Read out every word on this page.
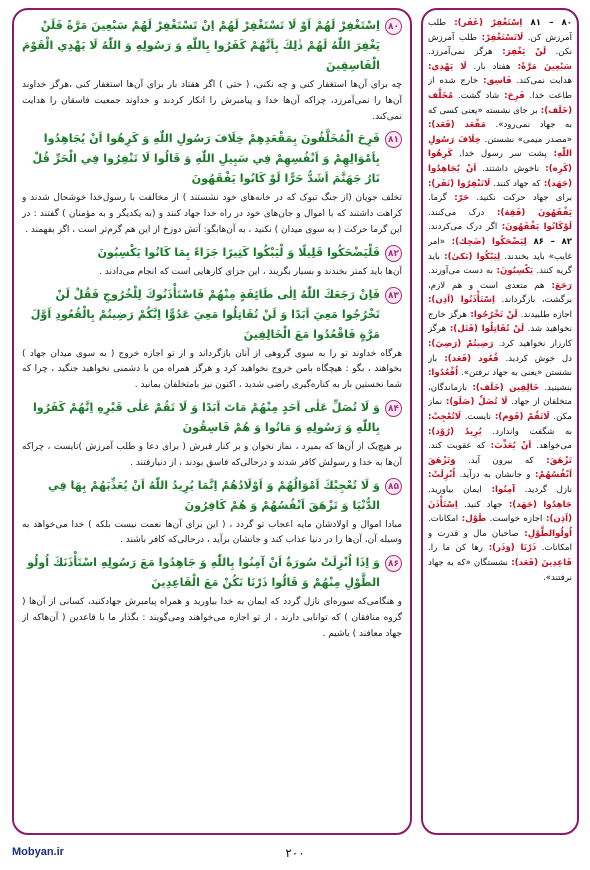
۸۰
اِسْتَغْفِرْ لَهُمْ اَوْ لَا تَسْتَغْفِرْ لَهُمْ اِنْ تَسْتَغْفِرْ لَهُمْ سَبْعِينَ مَرَّةً فَلَنْ يَغْفِرَ اللّٰهُ لَهُمْ ذٰلِكَ بِاَنَّهُمْ كَفَرُوا بِاللّٰهِ وَ رَسُولِهِ وَ اللّٰهُ لَا يَهْدِي الْقَوْمَ الْفَاسِقِينَ
چه برای آن‌ها استغفار کنی و چه نکنی، ( حتی ) اگر هفتاد بار برای آن‌ها استغفار کنی ،هرگز خداوند آن‌ها را نمی‌آمرزد، چراکه آن‌ها خدا و پیامبرش را انکار کردند و خداوند جمعیت فاسقان را هدایت نمی‌کند.
۸۱
فَرِحَ الْمُخَلَّفُونَ بِمَقْعَدِهِمْ خِلَافَ رَسُولِ اللّٰهِ وَ كَرِهُوا اَنْ يُجَاهِدُوا بِاَمْوَالِهِمْ وَ اَنْفُسِهِمْ فِي سَبِيلِ اللّٰهِ وَ قَالُوا لَا تَنْفِرُوا فِي الْحَرِّ قُلْ نَارُ جَهَنَّمَ اَشَدُّ حَرًّا لَوْ كَانُوا يَفْقَهُونَ
تخلف جویان (از جنگ تبوک که در خانه‌های خود نشستند ) از مخالفت با رسول‌خدا خوشحال شدند و کراهت داشتند که با اموال و جان‌های خود در راه خدا جهاد کنند و (به یکدیگر و به مؤمنان ) گفتند : در این گرما حرکت ( به سوی میدان ) نکنید ، به آن‌هابگو: آتش دوزخ از این هم گرم‌تر است ، اگر بفهمند .
۸۲
فَلْيَضْحَكُوا قَلِيلًا وَ لْيَبْكُوا كَثِيرًا جَزَاءً بِمَا كَانُوا يَكْسِبُونَ
آن‌ها باید کمتر بخندند و بسیار بگریند ، این جزای کارهایی است که انجام می‌دادند .
۸۳
فَاِنْ رَجَعَكَ اللّٰهُ اِلٰى طَائِفَةٍ مِنْهُمْ فَاسْتَأْذَنُوكَ لِلْخُرُوجِ فَقُلْ لَنْ تَخْرُجُوا مَعِيَ اَبَدًا وَ لَنْ تُقَاتِلُوا مَعِيَ عَدُوًّا اِنَّكُمْ رَضِيتُمْ بِالْقُعُودِ اَوَّلَ مَرَّةٍ فَاقْعُدُوا مَعَ الْخَالِفِينَ
هرگاه خداوند تو را به سوی گروهی از آنان بازگرداند و از تو اجازه خروج ( به سوی میدان جهاد ) بخواهند ، بگو : هیچگاه بامن خروج نخواهید کرد و هرگز همراه من با دشمنی نخواهید جنگید ، چرا که شما نخستین بار به کناره‌گیری راضی شدید ، اکنون نیز بامتخلفان بمانید .
۸۴
وَ لَا تُصَلِّ عَلٰى اَحَدٍ مِنْهُمْ مَاتَ اَبَدًا وَ لَا تَقُمْ عَلٰى قَبْرِهِ اِنَّهُمْ كَفَرُوا بِاللّٰهِ وَ رَسُولِهِ وَ مَاتُوا وَ هُمْ فَاسِقُونَ
بر هیچ‌یک از آن‌ها که بمیرد ، نماز نخوان و بر کنار قبرش ( برای دعا و طلب آمرزش )نایست ، چراکه آن‌ها به خدا و رسولش کافر شدند و درحالی‌که فاسق بودند ، از دنیارفتند .
۸۵
وَ لَا تُعْجِبْكَ اَمْوَالُهُمْ وَ اَوْلَادُهُمْ اِنَّمَا يُرِيدُ اللّٰهُ اَنْ يُعَذِّبَهُمْ بِهَا فِي الدُّنْيَا وَ تَزْهَقَ اَنْفُسُهُمْ وَ هُمْ كَافِرُونَ
مبادا اموال و اولادشان مایه اعجاب تو گردد ، ( این برای آن‌ها نعمت نیست بلکه ) خدا می‌خواهد به وسیله آن، آن‌ها را در دنیا عذاب کند و جانشان برآید ، درحالی‌که کافر باشند .
۸۶
وَ اِذَا اُنْزِلَتْ سُورَةٌ اَنْ آمِنُوا بِاللّٰهِ وَ جَاهِدُوا مَعَ رَسُولِهِ اسْتَأْذَنَكَ اُولُو الطَّوْلِ مِنْهُمْ وَ قَالُوا ذَرْنَا نَكُنْ مَعَ الْقَاعِدِينَ
و هنگامی‌که سوره‌ای نازل گردد که ایمان به خدا بیاورید و همراه پیامبرش جهادکنید، کسانی از آن‌ها ( گروه منافقان ) که توانایی دارند ، از تو اجازه می‌خواهند ومی‌گویند : بگذار ما با قاعدین ( آن‌هاکه از جهاد معافند ) باشیم .
۸۰ – ۸۱ اِسْتَغْفِرْ (غَفَر): طلب آمرزش کن. لَاتَسْتَغْفِرْ: طلب آمرزش نکن. لَنْ يَغْفِرَ: هرگز نمی‌آمرزد. سَبْعِينَ مَرَّةً: هفتاد بار. لَا يَهْدِي: هدایت نمی‌کند. فَاسِق: خارج شده از طاعت خدا. فَرِحَ: شاد گشت. مُخَلَّف (خَلَف): بر جای نشسته «یعنی کسی که به جهاد نمی‌رود». مَقْعَد (قَعَد): «مصدر میمی» نشستن. خِلَافَ رَسُولِ اللّٰهِ: پشت سر رسول خدا. كَرِهُوا (كَرِه): ناخوش داشتند. اَنْ يُجَاهِدُوا (جَهَد): که جهاد کنند. لَاتَنْفِرُوا (نَفَر): برای جهاد حرکت نکنید. حَرّ: گرما. يَفْقَهُونَ (فَقِهَ): درک می‌کنند. لَوْكَانُوا يَفْقَهُونَ: اگر درک می‌کردند. ۸۲ – ۸۶ لِيَضْحَكُوا (ضَحِك): «امر غایب» باید بخندند. لِيَبْكُوا (بَكىٰ): باید گریه کنند. يَكْسِبُونَ: به دست می‌آورند. رَجَعَ: هم متعدی است و هم لازم، برگشت، بازگرداند. اِسْتَأْذَنُوا (اَذِن): اجازه طلبیدند. لَنْ تَخْرُجُوا: هرگز خارج نخواهید شد. لَنْ تُقَاتِلُوا (قَتَل): هرگز کارزار نخواهید کرد. رَضِيتُمْ (رَضِيَ): دل خوش کردید. قُعُود (قَعَد): باز نشستن «یعنی به جهاد نرفتن». اُقْعُدُوا: بنشینید. خَالِفِين (خَلَف): بازماندگان، متخلفان از جهاد. لَا تُصَلِّ (صَلَو): نماز مکن. لَاتَقُمْ (قَوَم): نایست. لَاتُعْجِبْ: به شگفت واندارد. يُرِيدُ (رُوْد): می‌خواهد. اَنْ يُعَذِّبَ: که عقوبت کند. تَزْهَقَ: که بیرون آید. وَتَزْهَقَ اَنْفُسُهُمْ: و جانشان به درآید. اُنْزِلَتْ: نازل گردید. آمِنُوا: ایمان بیاورید. جَاهِدُوا (جَهَد): جهاد کنید. اِسْتَأْذَنَ (اَذِن): اجازه خواست. طَوْل: امکانات. اُولُوالطَّوْلِ: صاحبان مال و قدرت و امکانات. ذَرْنَا (وَذَر): رها کن ما را. قَاعِدِينَ (قَعَد): نشستگان «که به جهاد نرفتند».
Mobyan.ir	۲۰۰
